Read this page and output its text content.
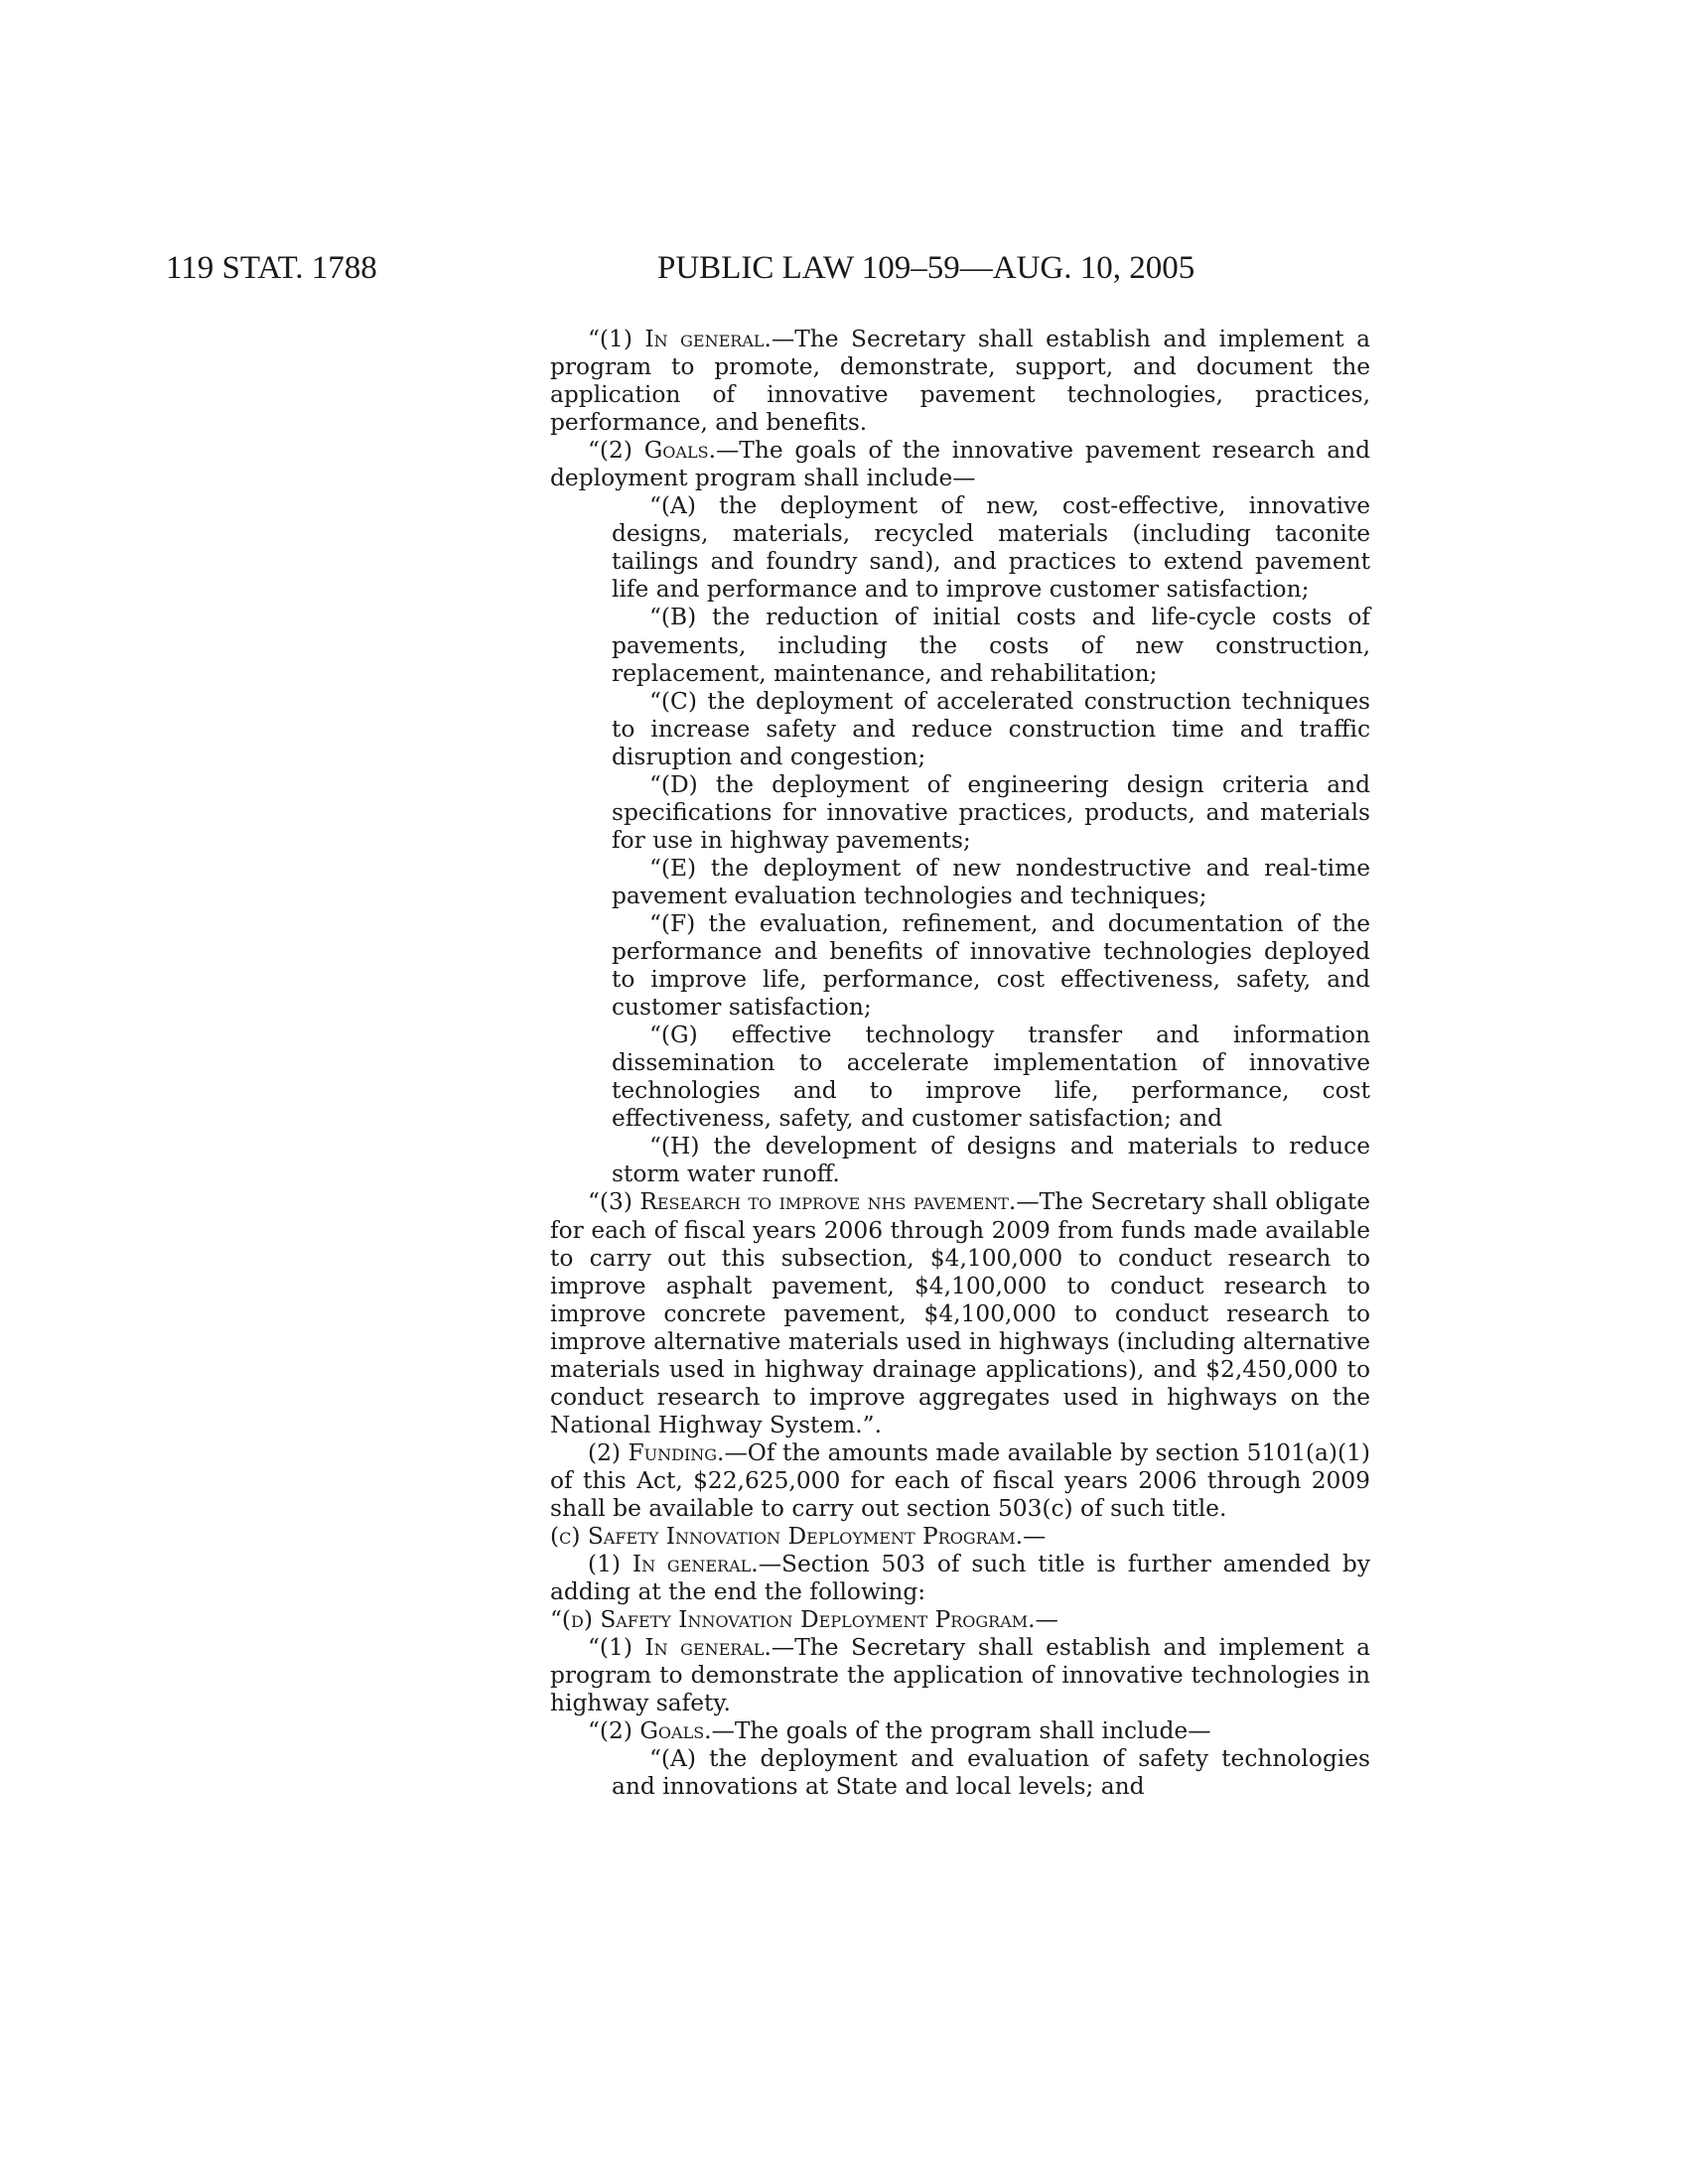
119 STAT. 1788	PUBLIC LAW 109–59—AUG. 10, 2005

“(1) In general.—The Secretary shall establish and implement a program to promote, demonstrate, support, and document the application of innovative pavement technologies, practices, performance, and benefits.

“(2) Goals.—The goals of the innovative pavement research and deployment program shall include—

“(A) the deployment of new, cost-effective, innovative designs, materials, recycled materials (including taconite tailings and foundry sand), and practices to extend pavement life and performance and to improve customer satisfaction;

“(B) the reduction of initial costs and life-cycle costs of pavements, including the costs of new construction, replacement, maintenance, and rehabilitation;

“(C) the deployment of accelerated construction techniques to increase safety and reduce construction time and traffic disruption and congestion;

“(D) the deployment of engineering design criteria and specifications for innovative practices, products, and materials for use in highway pavements;

“(E) the deployment of new nondestructive and real-time pavement evaluation technologies and techniques;

“(F) the evaluation, refinement, and documentation of the performance and benefits of innovative technologies deployed to improve life, performance, cost effectiveness, safety, and customer satisfaction;

“(G) effective technology transfer and information dissemination to accelerate implementation of innovative technologies and to improve life, performance, cost effectiveness, safety, and customer satisfaction; and

“(H) the development of designs and materials to reduce storm water runoff.

“(3) Research to improve nhs pavement.—The Secretary shall obligate for each of fiscal years 2006 through 2009 from funds made available to carry out this subsection, $4,100,000 to conduct research to improve asphalt pavement, $4,100,000 to conduct research to improve concrete pavement, $4,100,000 to conduct research to improve alternative materials used in highways (including alternative materials used in highway drainage applications), and $2,450,000 to conduct research to improve aggregates used in highways on the National Highway System.”.

(2) Funding.—Of the amounts made available by section 5101(a)(1) of this Act, $22,625,000 for each of fiscal years 2006 through 2009 shall be available to carry out section 503(c) of such title.

(c) Safety Innovation Deployment Program.—

(1) In general.—Section 503 of such title is further amended by adding at the end the following:

“(d) Safety Innovation Deployment Program.—

“(1) In general.—The Secretary shall establish and implement a program to demonstrate the application of innovative technologies in highway safety.

“(2) Goals.—The goals of the program shall include—

“(A) the deployment and evaluation of safety technologies and innovations at State and local levels; and
